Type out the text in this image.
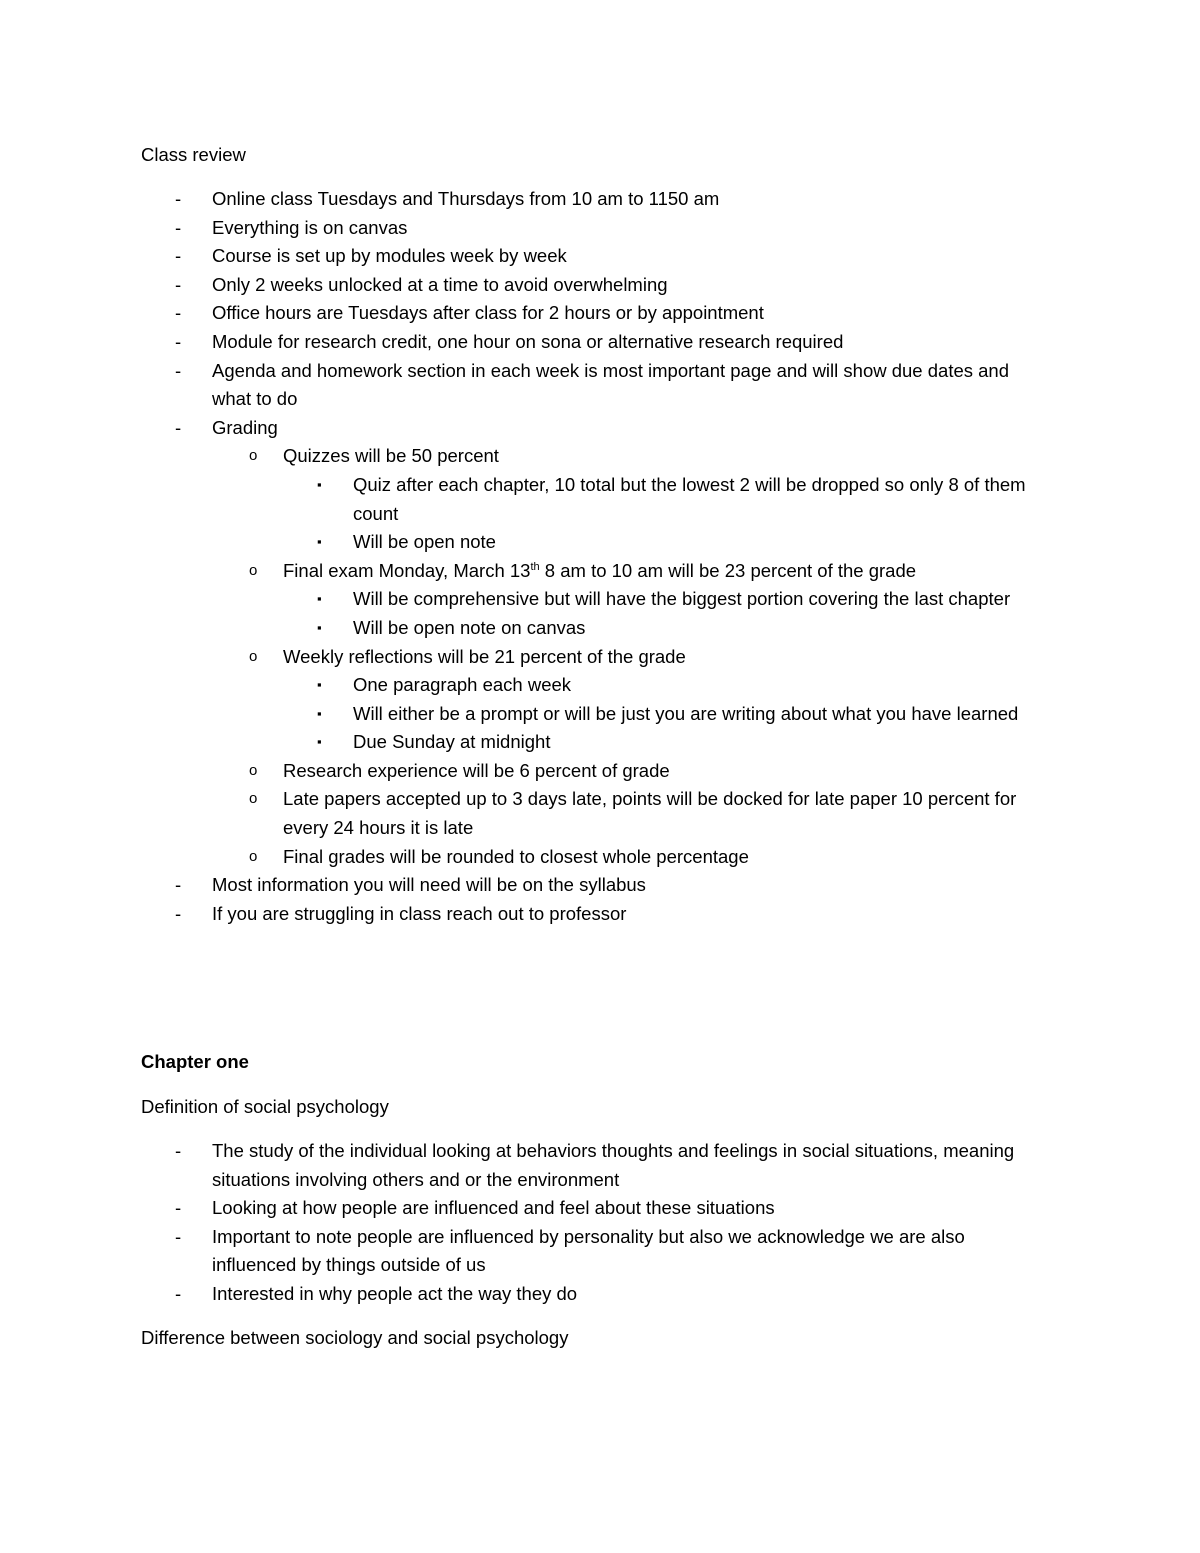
Class review
- Online class Tuesdays and Thursdays from 10 am to 1150 am
- Everything is on canvas
- Course is set up by modules week by week
- Only 2 weeks unlocked at a time to avoid overwhelming
- Office hours are Tuesdays after class for 2 hours or by appointment
- Module for research credit, one hour on sona or alternative research required
- Agenda and homework section in each week is most important page and will show due dates and what to do
- Grading
o Quizzes will be 50 percent
▪ Quiz after each chapter, 10 total but the lowest 2 will be dropped so only 8 of them count
▪ Will be open note
o Final exam Monday, March 13th 8 am to 10 am will be 23 percent of the grade
▪ Will be comprehensive but will have the biggest portion covering the last chapter
▪ Will be open note on canvas
o Weekly reflections will be 21 percent of the grade
▪ One paragraph each week
▪ Will either be a prompt or will be just you are writing about what you have learned
▪ Due Sunday at midnight
o Research experience will be 6 percent of grade
o Late papers accepted up to 3 days late, points will be docked for late paper 10 percent for every 24 hours it is late
o Final grades will be rounded to closest whole percentage
- Most information you will need will be on the syllabus
- If you are struggling in class reach out to professor
Chapter one
Definition of social psychology
- The study of the individual looking at behaviors thoughts and feelings in social situations, meaning situations involving others and or the environment
- Looking at how people are influenced and feel about these situations
- Important to note people are influenced by personality but also we acknowledge we are also influenced by things outside of us
- Interested in why people act the way they do
Difference between sociology and social psychology
